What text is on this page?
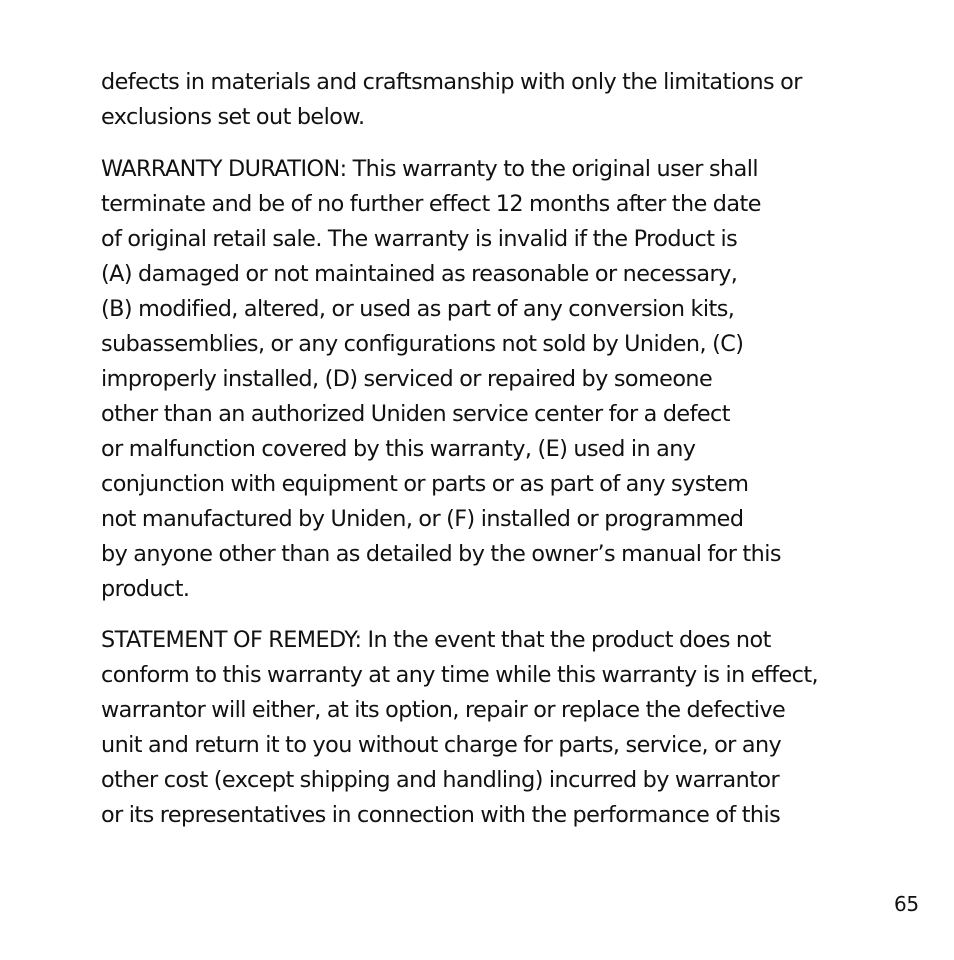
defects in materials and craftsmanship with only the limitations or
exclusions set out below.

WARRANTY DURATION: This warranty to the original user shall
terminate and be of no further effect 12 months after the date
of original retail sale. The warranty is invalid if the Product is
(A) damaged or not maintained as reasonable or necessary,
(B) modified, altered, or used as part of any conversion kits,
subassemblies, or any configurations not sold by Uniden, (C)
improperly installed, (D) serviced or repaired by someone
other than an authorized Uniden service center for a defect
or malfunction covered by this warranty, (E) used in any
conjunction with equipment or parts or as part of any system
not manufactured by Uniden, or (F) installed or programmed
by anyone other than as detailed by the owner’s manual for this
product.

STATEMENT OF REMEDY: In the event that the product does not
conform to this warranty at any time while this warranty is in effect,
warrantor will either, at its option, repair or replace the defective
unit and return it to you without charge for parts, service, or any
other cost (except shipping and handling) incurred by warrantor
or its representatives in connection with the performance of this

65
